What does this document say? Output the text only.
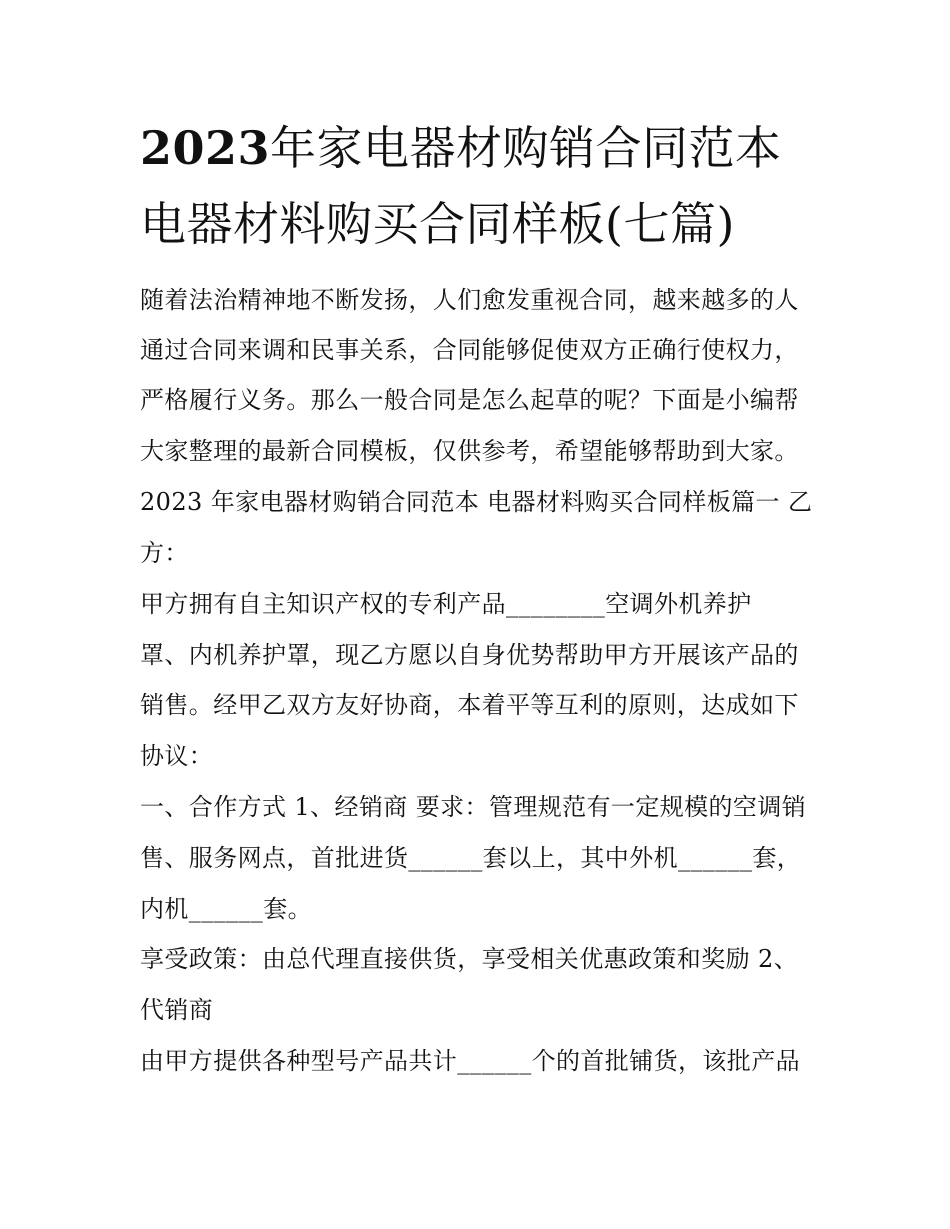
2023年家电器材购销合同范本
电器材料购买合同样板(七篇)
随着法治精神地不断发扬，人们愈发重视合同，越来越多的人
通过合同来调和民事关系，合同能够促使双方正确行使权力，
严格履行义务。那么一般合同是怎么起草的呢？下面是小编帮
大家整理的最新合同模板，仅供参考，希望能够帮助到大家。
2023 年家电器材购销合同范本 电器材料购买合同样板篇一 乙
方：
甲方拥有自主知识产权的专利产品________空调外机养护
罩、内机养护罩，现乙方愿以自身优势帮助甲方开展该产品的
销售。经甲乙双方友好协商，本着平等互利的原则，达成如下
协议：
一、合作方式 1、经销商 要求：管理规范有一定规模的空调销
售、服务网点，首批进货______套以上，其中外机______套，
内机______套。
享受政策：由总代理直接供货，享受相关优惠政策和奖励 2、
代销商
由甲方提供各种型号产品共计______个的首批铺货，该批产品
